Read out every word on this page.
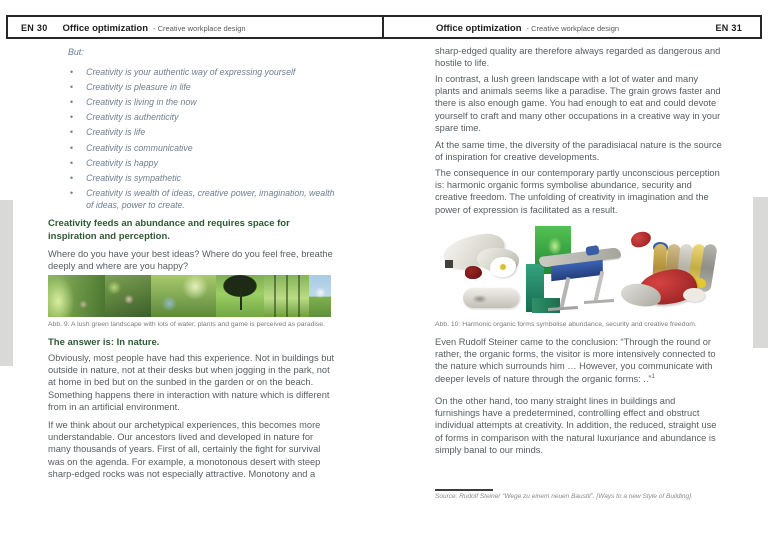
EN 30 Office optimization - Creative workplace design	Office optimization - Creative workplace design	EN 31
But:
• Creativity is your authentic way of expressing yourself
• Creativity is pleasure in life
• Creativity is living in the now
• Creativity is authenticity
• Creativity is life
• Creativity is communicative
• Creativity is happy
• Creativity is sympathetic
• Creativity is wealth of ideas, creative power, imagination, wealth of ideas, power to create.
Creativity feeds an abundance and requires space for inspiration and perception.
Where do you have your best ideas? Where do you feel free, breathe deeply and where are you happy?
Abb. 9. A lush green landscape with lots of water, plants and game is perceived as paradise.
The answer is: In nature.
Obviously, most people have had this experience. Not in buildings but outside in nature, not at their desks but when jogging in the park, not at home in bed but on the sunbed in the garden or on the beach. Something happens there in interaction with nature which is different from in an artificial environment.
If we think about our archetypical experiences, this becomes more understandable. Our ancestors lived and developed in nature for many thousands of years. First of all, certainly the fight for survival was on the agenda. For example, a monotonous desert with steep sharp-edged rocks was not especially attractive. Monotony and a
sharp-edged quality are therefore always regarded as dangerous and hostile to life.
In contrast, a lush green landscape with a lot of water and many plants and animals seems like a paradise. The grain grows faster and there is also enough game. You had enough to eat and could devote yourself to craft and many other occupations in a creative way in your spare time.
At the same time, the diversity of the paradisiacal nature is the source of inspiration for creative developments.
The consequence in our contemporary partly unconscious perception is: harmonic organic forms symbolise abundance, security and creative freedom. The unfolding of creativity in imagination and the power of expression is facilitated as a result.
Abb. 10: Harmonic organic forms symbolise abundance, security and creative freedom.
Even Rudolf Steiner came to the conclusion: “Through the round or rather, the organic forms, the visitor is more intensively connected to the nature which surrounds him … However, you communicate with deeper levels of nature through the organic forms: ..”$^1$
On the other hand, too many straight lines in buildings and furnishings have a predetermined, controlling effect and obstruct individual attempts at creativity. In addition, the reduced, straight use of forms in comparison with the natural luxuriance and abundance is simply banal to our minds.
Source: Rudolf Steiner “Wege zu einem neuen Baustil”. [Ways to a new Style of Building].
